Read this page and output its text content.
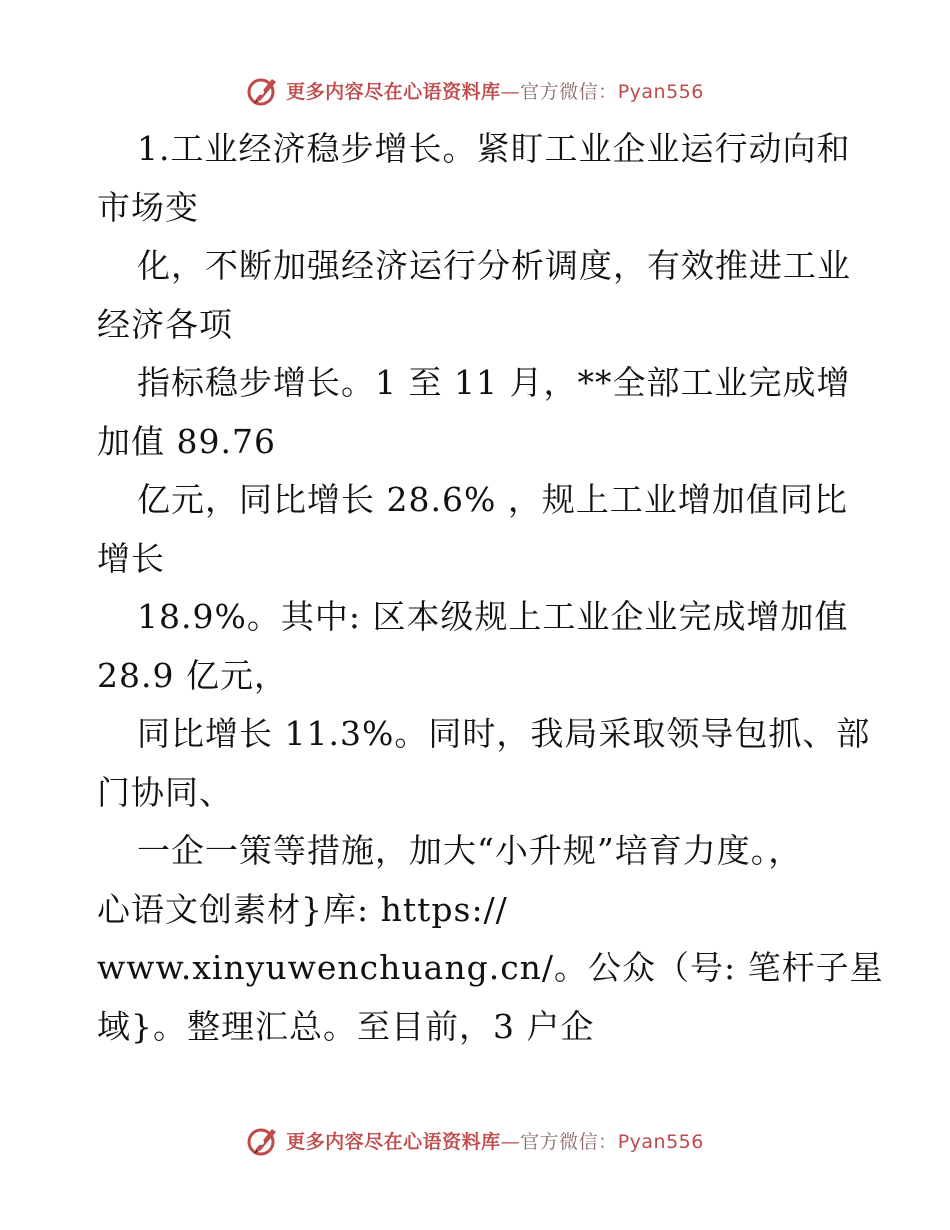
更多内容尽在心语资料库—官方微信：Pyan556
1.工业经济稳步增长。紧盯工业企业运行动向和
市场变
化，不断加强经济运行分析调度，有效推进工业
经济各项
指标稳步增长。1 至 11 月，**全部工业完成增
加值 89.76
亿元，同比增长 28.6% ，规上工业增加值同比
增长
18.9%。其中: 区本级规上工业企业完成增加值
28.9 亿元，
同比增长 11.3%。同时，我局采取领导包抓、部
门协同、
一企一策等措施，加大“小升规”培育力度。，
心语文创素材}库: https://
www.xinyuwenchuang.cn/。公众（号: 笔杆子星
域}。整理汇总。至目前，3 户企
更多内容尽在心语资料库—官方微信：Pyan556
